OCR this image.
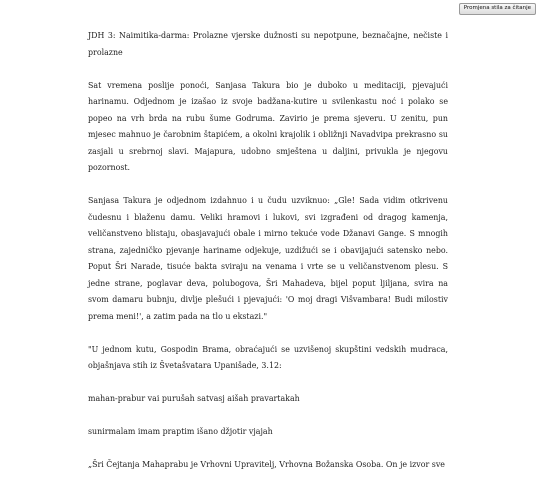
Promjena stila za čitanje

JDH 3: Naimitika-darma: Prolazne vjerske dužnosti su nepotpune, beznačajne, nečiste i prolazne

Sat vremena poslije ponoći, Sanjasa Takura bio je duboko u meditaciji, pjevajući harinamu. Odjednom je izašao iz svoje badžana-kutire u svilenkastu noć i polako se popeo na vrh brda na rubu šume Godruma. Zavirio je prema sjeveru. U zenitu, pun mjesec mahnuo je čarobnim štapićem, a okolni krajolik i obližnji Navadvipa prekrasno su zasjali u srebrnoj slavi. Majapura, udobno smještena u daljini, privukla je njegovu pozornost.

Sanjasa Takura je odjednom izdahnuo i u čudu uzviknuo: „Gle! Sada vidim otkrivenu čudesnu i blaženu damu. Veliki hramovi i lukovi, svi izgrađeni od dragog kamenja, veličanstveno blistaju, obasjavajući obale i mirno tekuće vode Džanavi Gange. S mnogih strana, zajedničko pjevanje harinаme odjekuje, uzdižući se i obavijajući satensko nebo. Poput Šri Narade, tisuće bakta sviraju na venama i vrte se u veličanstvenom plesu. S jedne strane, poglavar deva, polubogova, Šri Mahadeva, bijel poput ljiljana, svira na svom damaru bubnju, divlje plešući i pjevajući: 'O moj dragi Višvambara! Budi milostiv prema meni!', a zatim pada na tlo u ekstazi."

"U jednom kutu, Gospodin Brama, obraćajući se uzvišenoj skupštini vedskih mudraca, objašnjava stih iz Švetašvatara Upanišade, 3.12:

mahan-prabur vai purušah satvasj aišah pravartakah

sunirmalam imam praptim išano džjotir vjajah

„Šri Čejtanja Mahaprabu je Vrhovni Upravitelj, Vrhovna Božanska Osoba. On je izvor sve
